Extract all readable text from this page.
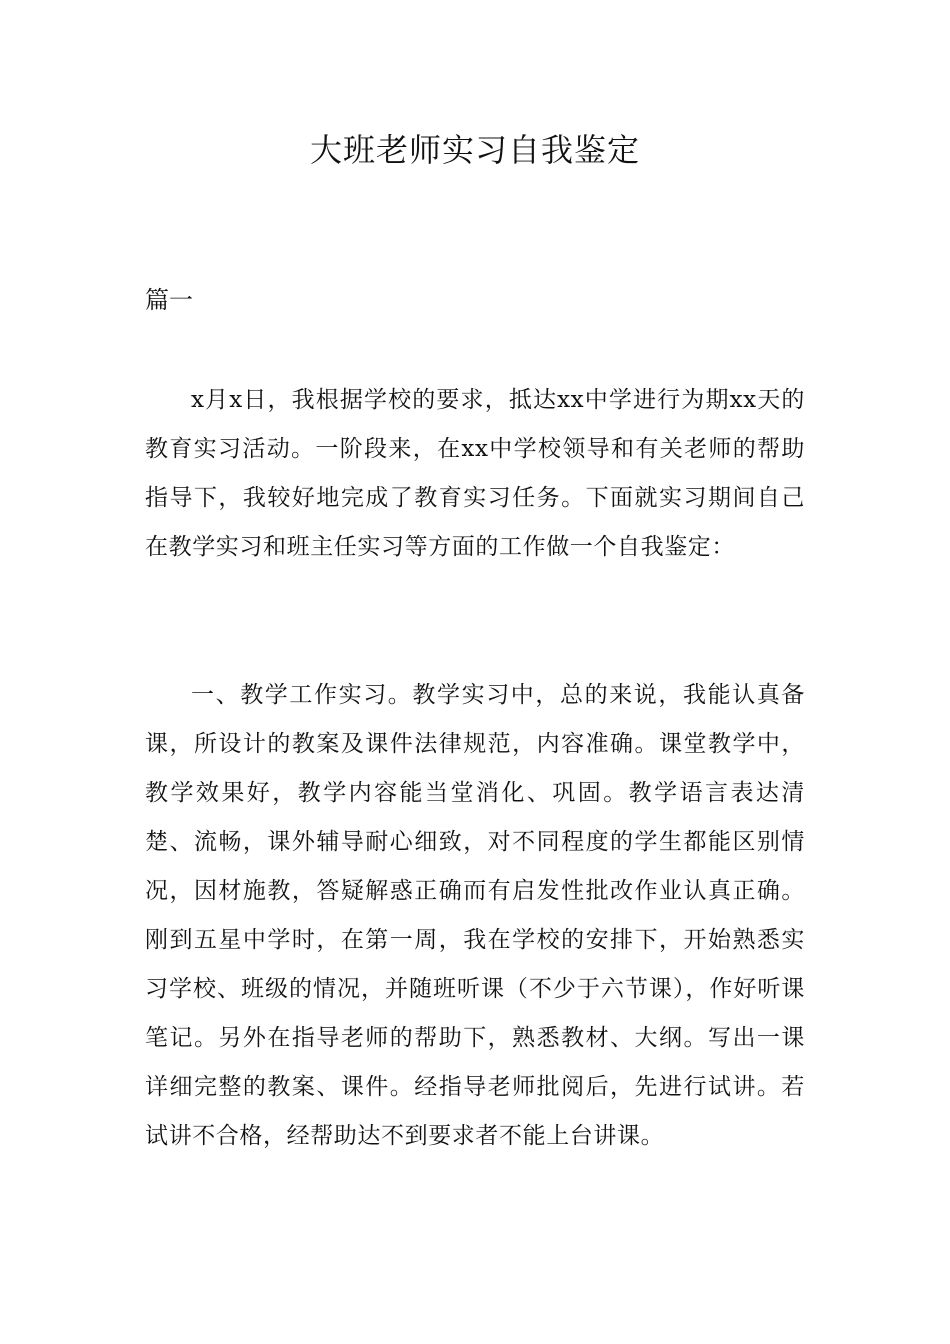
大班老师实习自我鉴定

篇一

x月x日，我根据学校的要求，抵达xx中学进行为期xx天的教育实习活动。一阶段来，在xx中学校领导和有关老师的帮助指导下，我较好地完成了教育实习任务。下面就实习期间自己在教学实习和班主任实习等方面的工作做一个自我鉴定：

一、教学工作实习。教学实习中，总的来说，我能认真备课，所设计的教案及课件法律规范，内容准确。课堂教学中，教学效果好，教学内容能当堂消化、巩固。教学语言表达清楚、流畅，课外辅导耐心细致，对不同程度的学生都能区别情况，因材施教，答疑解惑正确而有启发性批改作业认真正确。刚到五星中学时，在第一周，我在学校的安排下，开始熟悉实习学校、班级的情况，并随班听课（不少于六节课），作好听课笔记。另外在指导老师的帮助下，熟悉教材、大纲。写出一课详细完整的教案、课件。经指导老师批阅后，先进行试讲。若试讲不合格，经帮助达不到要求者不能上台讲课。
